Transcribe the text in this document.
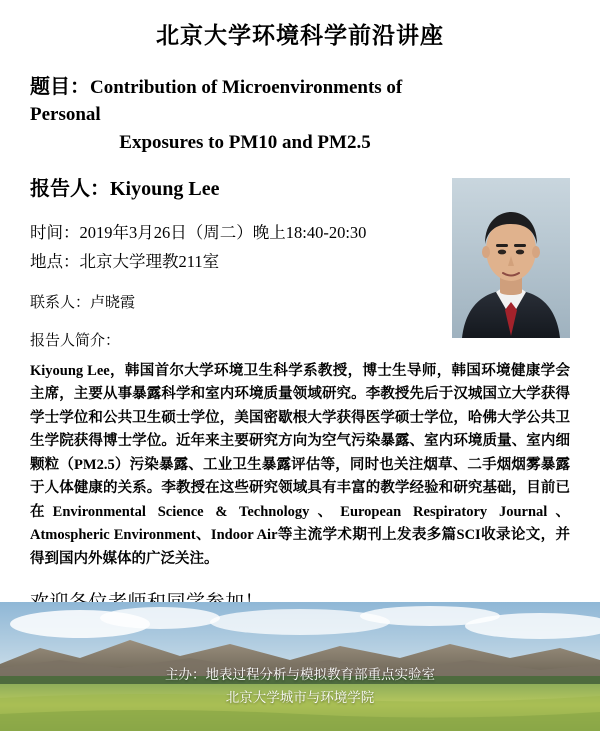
北京大学环境科学前沿讲座
题目：Contribution of Microenvironments of Personal
Exposures to PM10 and PM2.5
报告人：Kiyoung Lee
时间：2019年3月26日（周二）晚上18:40-20:30
地点：北京大学理教211室
联系人：卢晓霞
报告人简介：
Kiyoung Lee，韩国首尔大学环境卫生科学系教授，博士生导师，韩国环境健康学会主席，主要从事暴露科学和室内环境质量领域研究。李教授先后于汉城国立大学获得学士学位和公共卫生硕士学位，美国密歇根大学获得医学硕士学位，哈佛大学公共卫生学院获得博士学位。近年来主要研究方向为空气污染暴露、室内环境质量、室内细颗粒（PM2.5）污染暴露、工业卫生暴露评估等，同时也关注烟草、二手烟烟雾暴露于人体健康的关系。李教授在这些研究领域具有丰富的教学经验和研究基础，目前已在Environmental Science & Technology、European Respiratory Journal、Atmospheric Environment、Indoor Air等主流学术期刊上发表多篇SCI收录论文，并得到国内外媒体的广泛关注。
主办：地表过程分析与模拟教育部重点实验室
北京大学城市与环境学院
